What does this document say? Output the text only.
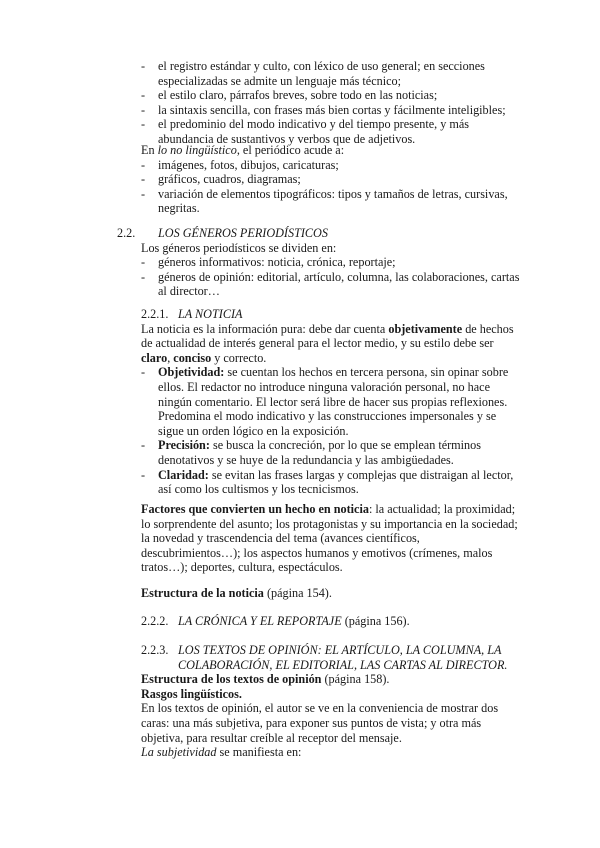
- el registro estándar y culto, con léxico de uso general; en secciones especializadas se admite un lenguaje más técnico;
- el estilo claro, párrafos breves, sobre todo en las noticias;
- la sintaxis sencilla, con frases más bien cortas y fácilmente inteligibles;
- el predominio del modo indicativo y del tiempo presente, y más abundancia de sustantivos y verbos que de adjetivos.
En lo no lingüístico, el periódico acude a:
- imágenes, fotos, dibujos, caricaturas;
- gráficos, cuadros, diagramas;
- variación de elementos tipográficos: tipos y tamaños de letras, cursivas, negritas.
2.2. LOS GÉNEROS PERIODÍSTICOS
Los géneros periodísticos se dividen en:
- géneros informativos: noticia, crónica, reportaje;
- géneros de opinión: editorial, artículo, columna, las colaboraciones, cartas al director…
2.2.1. LA NOTICIA
La noticia es la información pura: debe dar cuenta objetivamente de hechos de actualidad de interés general para el lector medio, y su estilo debe ser claro, conciso y correcto.
- Objetividad: se cuentan los hechos en tercera persona, sin opinar sobre ellos. El redactor no introduce ninguna valoración personal, no hace ningún comentario. El lector será libre de hacer sus propias reflexiones. Predomina el modo indicativo y las construcciones impersonales y se sigue un orden lógico en la exposición.
- Precisión: se busca la concreción, por lo que se emplean términos denotativos y se huye de la redundancia y las ambigüedades.
- Claridad: se evitan las frases largas y complejas que distraigan al lector, así como los cultismos y los tecnicismos.
Factores que convierten un hecho en noticia: la actualidad; la proximidad; lo sorprendente del asunto; los protagonistas y su importancia en la sociedad; la novedad y trascendencia del tema (avances científicos, descubrimientos…); los aspectos humanos y emotivos (crímenes, malos tratos…); deportes, cultura, espectáculos.
Estructura de la noticia (página 154).
2.2.2. LA CRÓNICA Y EL REPORTAJE (página 156).
2.2.3. LOS TEXTOS DE OPINIÓN: EL ARTÍCULO, LA COLUMNA, LA COLABORACIÓN, EL EDITORIAL, LAS CARTAS AL DIRECTOR.
Estructura de los textos de opinión (página 158).
Rasgos lingüísticos.
En los textos de opinión, el autor se ve en la conveniencia de mostrar dos caras: una más subjetiva, para exponer sus puntos de vista; y otra más objetiva, para resultar creíble al receptor del mensaje.
La subjetividad se manifiesta en:
